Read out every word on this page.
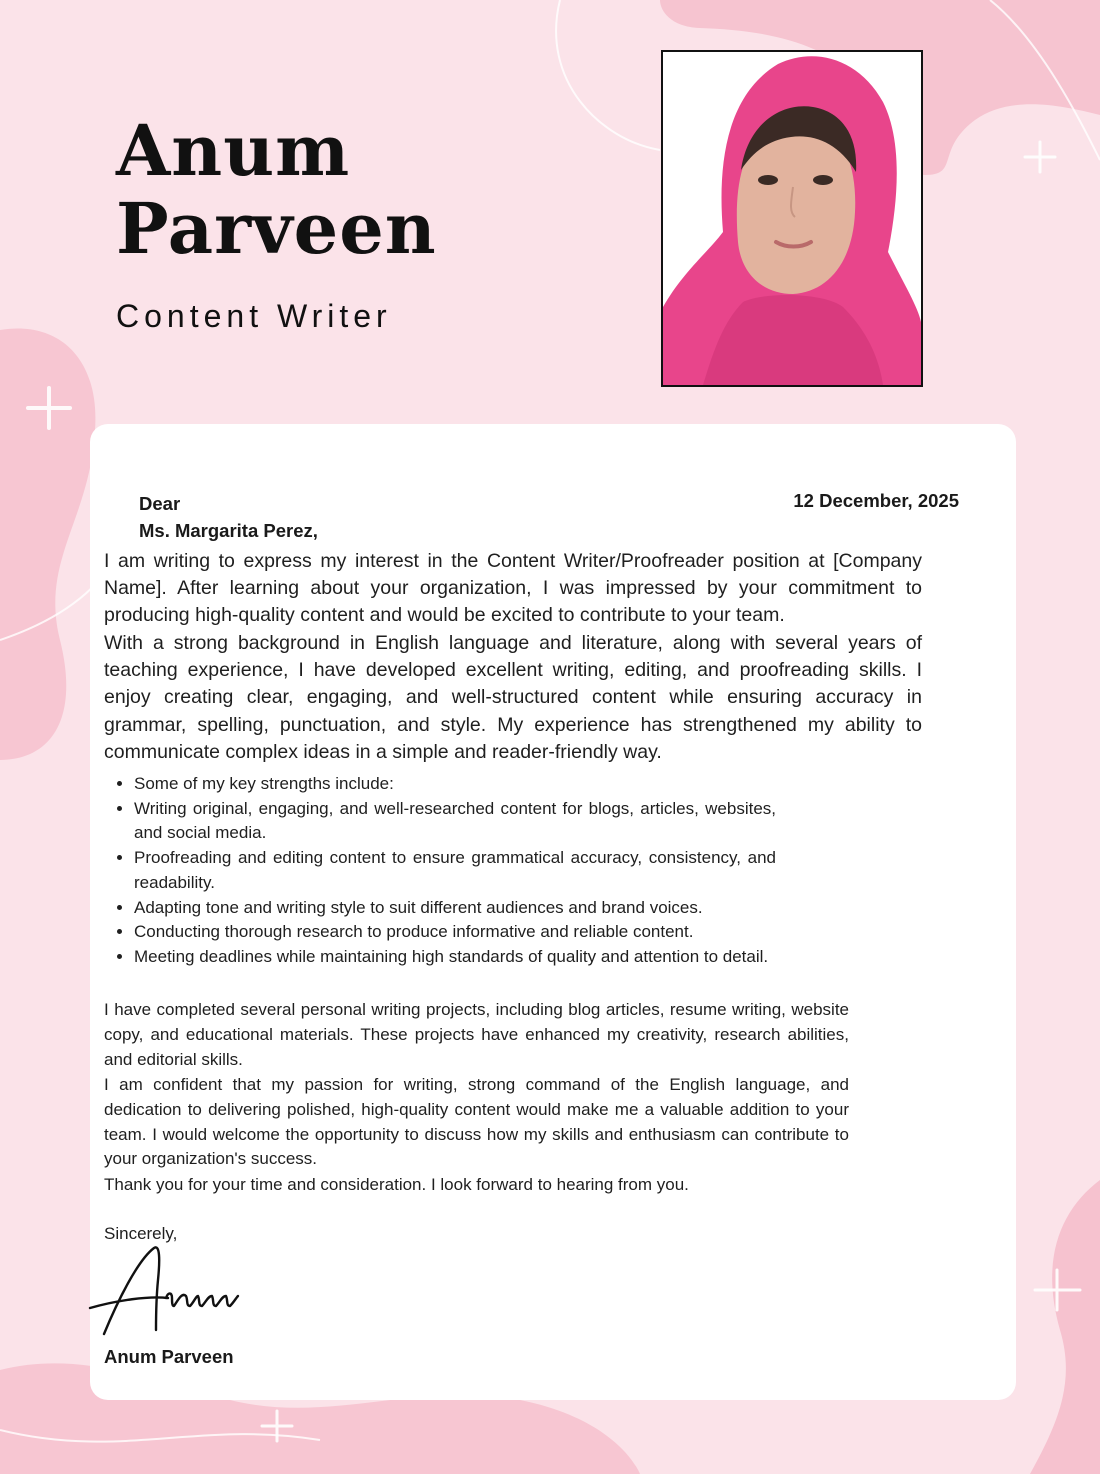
Anum
Parveen
Content Writer

Dear
Ms. Margarita Perez,

12 December, 2025

I am writing to express my interest in the Content Writer/Proofreader position at [Company Name]. After learning about your organization, I was impressed by your commitment to producing high-quality content and would be excited to contribute to your team.

With a strong background in English language and literature, along with several years of teaching experience, I have developed excellent writing, editing, and proofreading skills. I enjoy creating clear, engaging, and well-structured content while ensuring accuracy in grammar, spelling, punctuation, and style. My experience has strengthened my ability to communicate complex ideas in a simple and reader-friendly way.

• Some of my key strengths include:
• Writing original, engaging, and well-researched content for blogs, articles, websites, and social media.
• Proofreading and editing content to ensure grammatical accuracy, consistency, and readability.
• Adapting tone and writing style to suit different audiences and brand voices.
• Conducting thorough research to produce informative and reliable content.
• Meeting deadlines while maintaining high standards of quality and attention to detail.

I have completed several personal writing projects, including blog articles, resume writing, website copy, and educational materials. These projects have enhanced my creativity, research abilities, and editorial skills.

I am confident that my passion for writing, strong command of the English language, and dedication to delivering polished, high-quality content would make me a valuable addition to your team. I would welcome the opportunity to discuss how my skills and enthusiasm can contribute to your organization's success.

Thank you for your time and consideration. I look forward to hearing from you.

Sincerely,

Anum Parveen
